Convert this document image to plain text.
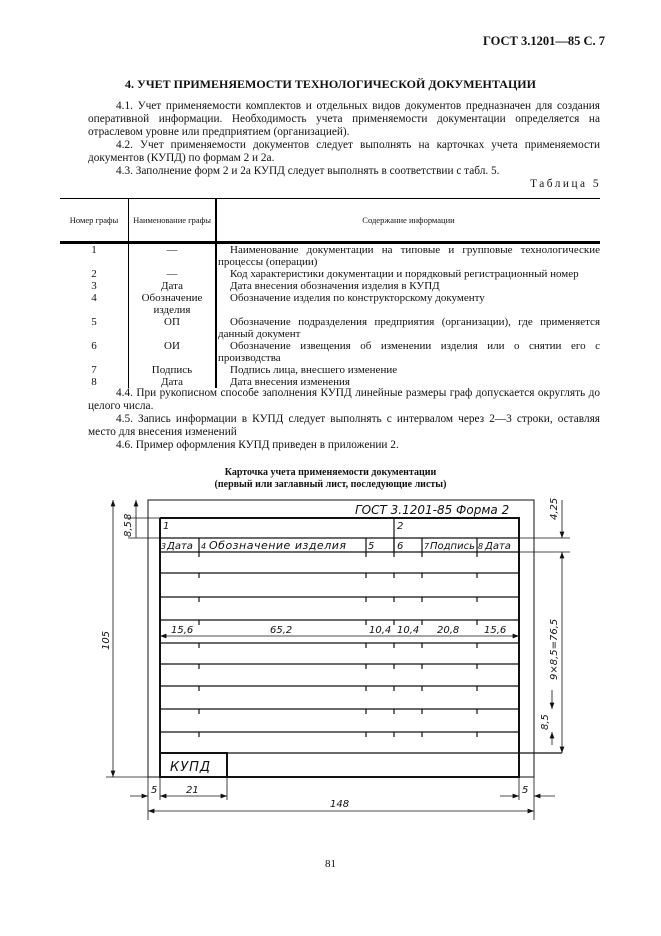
ГОСТ 3.1201—85 С. 7
4. УЧЕТ ПРИМЕНЯЕМОСТИ ТЕХНОЛОГИЧЕСКОЙ ДОКУМЕНТАЦИИ
4.1. Учет применяемости комплектов и отдельных видов документов предназначен для создания оперативной информации. Необходимость учета применяемости документации определяется на отраслевом уровне или предприятием (организацией).
4.2. Учет применяемости документов следует выполнять на карточках учета применяемости документов (КУПД) по формам 2 и 2а.
4.3. Заполнение форм 2 и 2а КУПД следует выполнять в соответствии с табл. 5.
Таблица 5
Номер графы	Наименование графы	Содержание информации
1	—	Наименование документации на типовые и групповые технологические процессы (операции)
2	—	Код характеристики документации и порядковый регистрационный номер
3	Дата	Дата внесения обозначения изделия в КУПД
4	Обозначение изделия	Обозначение изделия по конструкторскому документу
5	ОП	Обозначение подразделения предприятия (организации), где применяется данный документ
6	ОИ	Обозначение извещения об изменении изделия или о снятии его с производства
7	Подпись	Подпись лица, внесшего изменение
8	Дата	Дата внесения изменения
4.4. При рукописном способе заполнения КУПД линейные размеры граф допускается округлять до целого числа.
4.5. Запись информации в КУПД следует выполнять с интервалом через 2—3 строки, оставляя место для внесения изменений
4.6. Пример оформления КУПД приведен в приложении 2.
Карточка учета применяемости документации
(первый или заглавный лист, последующие листы)
ГОСТ 3.1201-85 Форма 2
1	2
3 Дата 4 Обозначение изделия 5 6	7 Подпись 8 Дата
15,6	65,2	10,4 10,4 20,8 15,6
КУПД
8
8,5
4,25
105	9×8,5=76,5
8,5
5	21
148
5
81
